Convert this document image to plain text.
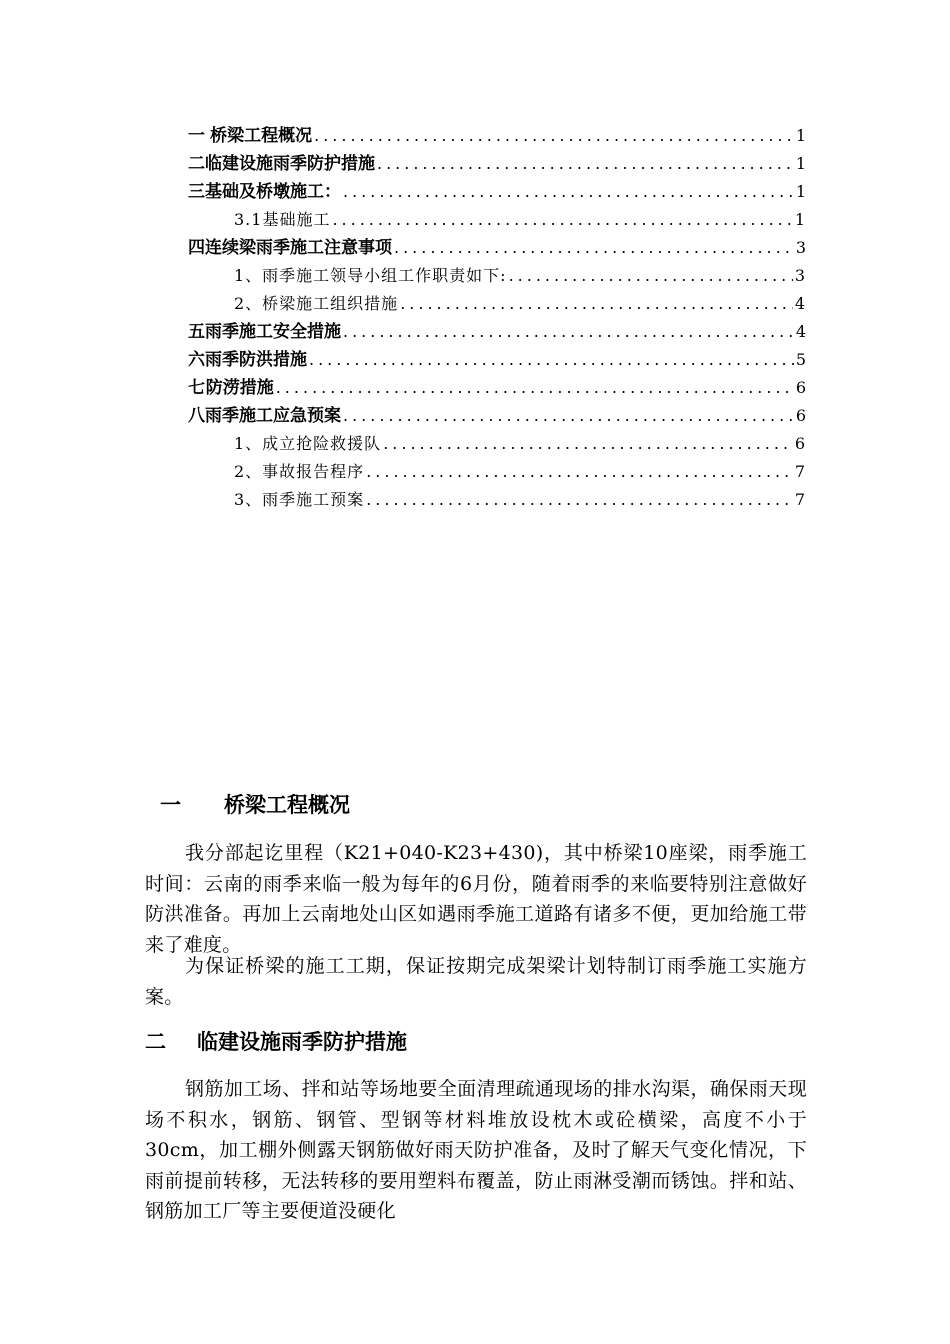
一 桥梁工程概况 .....	1
二 临建设施雨季防护措施 .....	1
三 基础及桥墩施工： .....	1
3.1基础施工 .....	1
四 连续梁雨季施工注意事项 .....	3
1、雨季施工领导小组工作职责如下: .....	3
2、桥梁施工组织措施 .....	4
五 雨季施工安全措施 .....	4
六 雨季防洪措施 .....	5
七 防涝措施 .....	6
八 雨季施工应急预案 .....	6
1、成立抢险救援队 .....	6
2、事故报告程序 .....	7
3、雨季施工预案 .....	7
一 桥梁工程概况
我分部起讫里程（K21+040-K23+430)，其中桥梁10座梁，雨季施工时间：云南的雨季来临一般为每年的6月份，随着雨季的来临要特别注意做好防洪准备。再加上云南地处山区如遇雨季施工道路有诸多不便，更加给施工带来了难度。
为保证桥梁的施工工期，保证按期完成架梁计划特制订雨季施工实施方案。
二 临建设施雨季防护措施
钢筋加工场、拌和站等场地要全面清理疏通现场的排水沟渠，确保雨天现场不积水，钢筋、钢管、型钢等材料堆放设枕木或砼横梁，高度不小于30cm，加工棚外侧露天钢筋做好雨天防护准备，及时了解天气变化情况，下雨前提前转移，无法转移的要用塑料布覆盖，防止雨淋受潮而锈蚀。拌和站、钢筋加工厂等主要便道没硬化
